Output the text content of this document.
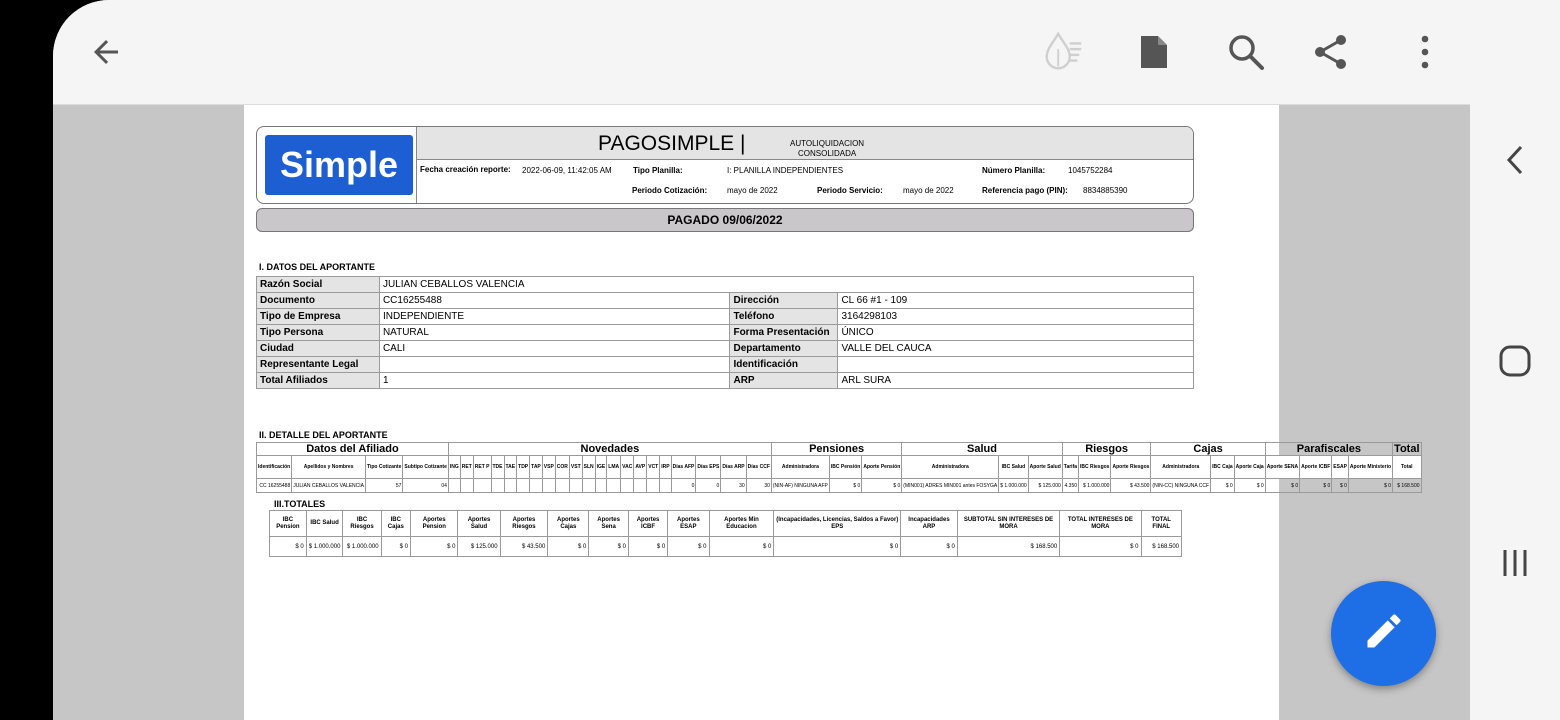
Simple
PAGOSIMPLE |	AUTOLIQUIDACION
CONSOLIDADA
Fecha creación reporte: 2022-06-09, 11:42:05 AM	Tipo Planilla:	I: PLANILLA INDEPENDIENTES	Número Planilla:	1045752284
Periodo Cotización: mayo de 2022	Periodo Servicio:	mayo de 2022	Referencia pago (PIN): 8834885390
PAGADO 09/06/2022
I. DATOS DEL APORTANTE
Razón Social	JULIAN CEBALLOS VALENCIA		
Documento	CC16255488	Dirección	CL 66 #1 - 109
Tipo de Empresa	INDEPENDIENTE	Teléfono	3164298103
Tipo Persona	NATURAL	Forma Presentación	ÚNICO
Ciudad	CALI	Departamento	VALLE DEL CAUCA
Representante Legal		Identificación	
Total Afiliados	1	ARP	ARL SURA
II. DETALLE DEL APORTANTE
Datos del Afiliado				Novedades																					Pensiones			Salud			Riesgos			Cajas			Parafiscales				Total
Identificación	Apellidos y Nombres	Tipo Cotizante	Subtipo Cotizante	ING	RET	RET P	TDE	TAE	TDP	TAP	VSP	COR	VST	SLN	IGE	LMA	VAC	AVP	VCT	IRP	Días AFP	Días EPS	Días ARP	Días CCF	Administradora	IBC Pensión	Aporte Pensión	Administradora	IBC Salud	Aporte Salud	Tarifa	IBC Riesgos	Aporte Riesgos	Administradora	IBC Caja	Aporte Caja	Aporte SENA	Aporte ICBF	ESAP	Aporte Ministerio	Total
CC 16255488	JULIAN CEBALLOS VALENCIA	57	04																		0	0	30	30	(NIN-AF) NINGUNA AFP	$ 0	$ 0	(MIN001) ADRES MIN001 antes FOSYGA	$ 1.000.000	$ 125.000	4.350	$ 1.000.000	$ 43.500	(NIN-CC) NINGUNA CCF	$ 0	$ 0	$ 0	$ 0	$ 0	$ 0	$ 168.500
III.TOTALES
IBC Pension	IBC Salud	IBC Riesgos	IBC Cajas	Aportes Pension	Aportes Salud	Aportes Riesgos	Aportes Cajas	Aportes Sena	Aportes ICBF	Aportes ESAP	Aportes Min Educacion	(Incapacidades, Licencias, Saldos a Favor) EPS	Incapacidades ARP	SUBTOTAL SIN INTERESES DE MORA	TOTAL INTERESES DE MORA	TOTAL FINAL
$ 0	$ 1.000.000	$ 1.000.000	$ 0	$ 0	$ 125.000	$ 43.500	$ 0	$ 0	$ 0	$ 0	$ 0	$ 0	$ 0	$ 168.500	$ 0	$ 168.500
